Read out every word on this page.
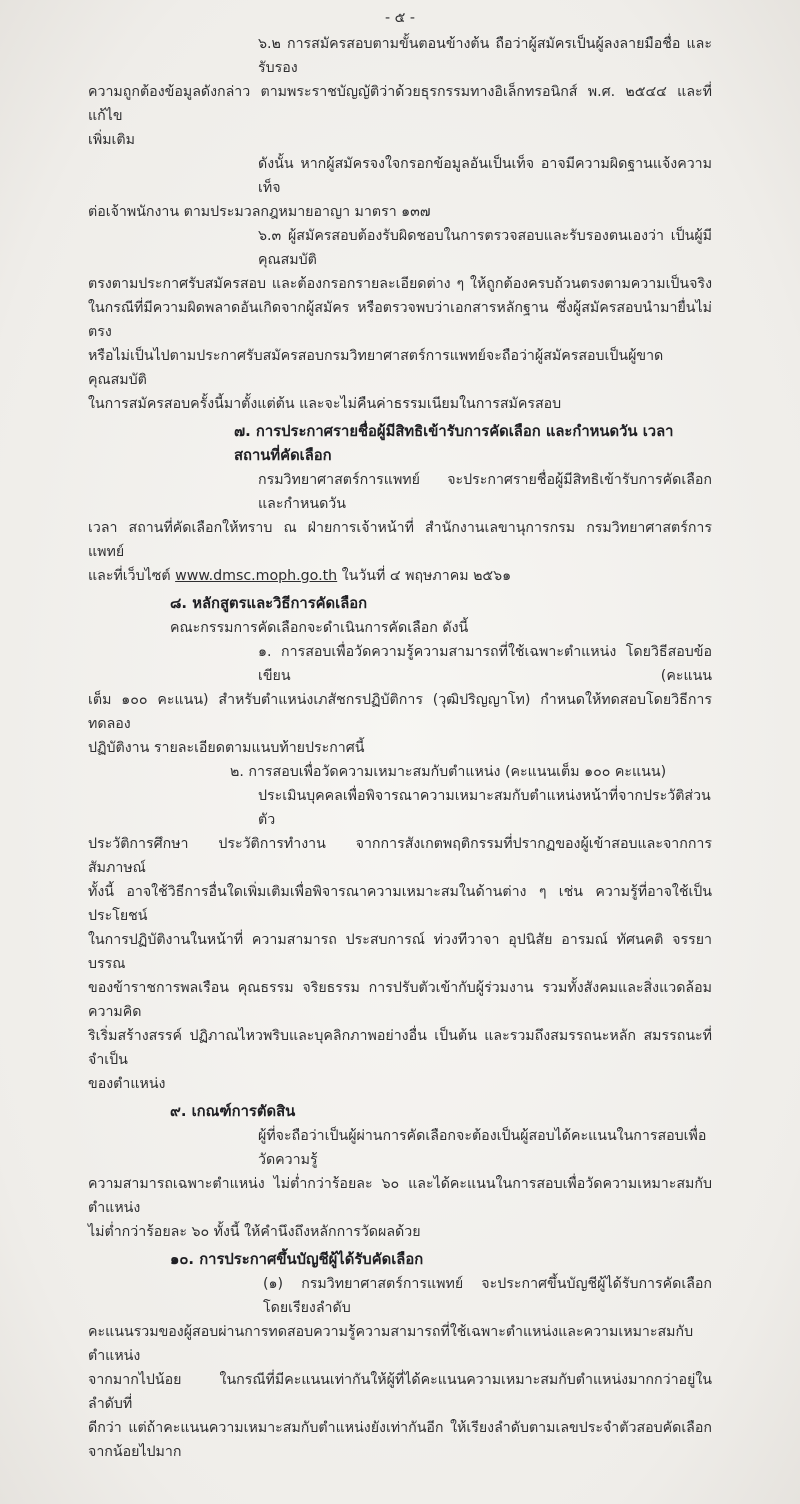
- ๕ -
๖.๒ การสมัครสอบตามขั้นตอนข้างต้น ถือว่าผู้สมัครเป็นผู้ลงลายมือชื่อ และรับรอง
ความถูกต้องข้อมูลดังกล่าว ตามพระราชบัญญัติว่าด้วยธุรกรรมทางอิเล็กทรอนิกส์ พ.ศ. ๒๕๔๔ และที่แก้ไข
เพิ่มเติม
ดังนั้น หากผู้สมัครจงใจกรอกข้อมูลอันเป็นเท็จ อาจมีความผิดฐานแจ้งความเท็จ
ต่อเจ้าพนักงาน ตามประมวลกฎหมายอาญา มาตรา ๑๓๗
๖.๓ ผู้สมัครสอบต้องรับผิดชอบในการตรวจสอบและรับรองตนเองว่า เป็นผู้มีคุณสมบัติ
ตรงตามประกาศรับสมัครสอบ และต้องกรอกรายละเอียดต่าง ๆ ให้ถูกต้องครบถ้วนตรงตามความเป็นจริง
ในกรณีที่มีความผิดพลาดอันเกิดจากผู้สมัคร หรือตรวจพบว่าเอกสารหลักฐาน ซึ่งผู้สมัครสอบนำมายื่นไม่ตรง
หรือไม่เป็นไปตามประกาศรับสมัครสอบกรมวิทยาศาสตร์การแพทย์จะถือว่าผู้สมัครสอบเป็นผู้ขาดคุณสมบัติ
ในการสมัครสอบครั้งนี้มาตั้งแต่ต้น และจะไม่คืนค่าธรรมเนียมในการสมัครสอบ
๗. การประกาศรายชื่อผู้มีสิทธิเข้ารับการคัดเลือก และกำหนดวัน เวลา สถานที่คัดเลือก
กรมวิทยาศาสตร์การแพทย์ จะประกาศรายชื่อผู้มีสิทธิเข้ารับการคัดเลือก และกำหนดวัน
เวลา สถานที่คัดเลือกให้ทราบ ณ ฝ่ายการเจ้าหน้าที่ สำนักงานเลขานุการกรม กรมวิทยาศาสตร์การแพทย์
และที่เว็บไซต์ www.dmsc.moph.go.th ในวันที่ ๔ พฤษภาคม ๒๕๖๑
๘. หลักสูตรและวิธีการคัดเลือก
คณะกรรมการคัดเลือกจะดำเนินการคัดเลือก ดังนี้
๑. การสอบเพื่อวัดความรู้ความสามารถที่ใช้เฉพาะตำแหน่ง โดยวิธีสอบข้อเขียน (คะแนน
เต็ม ๑๐๐ คะแนน) สำหรับตำแหน่งเภสัชกรปฏิบัติการ (วุฒิปริญญาโท) กำหนดให้ทดสอบโดยวิธีการทดลอง
ปฏิบัติงาน รายละเอียดตามแนบท้ายประกาศนี้
๒. การสอบเพื่อวัดความเหมาะสมกับตำแหน่ง (คะแนนเต็ม ๑๐๐ คะแนน)
ประเมินบุคคลเพื่อพิจารณาความเหมาะสมกับตำแหน่งหน้าที่จากประวัติส่วนตัว
ประวัติการศึกษา ประวัติการทำงาน จากการสังเกตพฤติกรรมที่ปรากฏของผู้เข้าสอบและจากการสัมภาษณ์
ทั้งนี้ อาจใช้วิธีการอื่นใดเพิ่มเติมเพื่อพิจารณาความเหมาะสมในด้านต่าง ๆ เช่น ความรู้ที่อาจใช้เป็นประโยชน์
ในการปฏิบัติงานในหน้าที่ ความสามารถ ประสบการณ์ ท่วงทีวาจา อุปนิสัย อารมณ์ ทัศนคติ จรรยาบรรณ
ของข้าราชการพลเรือน คุณธรรม จริยธรรม การปรับตัวเข้ากับผู้ร่วมงาน รวมทั้งสังคมและสิ่งแวดล้อม ความคิด
ริเริ่มสร้างสรรค์ ปฏิภาณไหวพริบและบุคลิกภาพอย่างอื่น เป็นต้น และรวมถึงสมรรถนะหลัก สมรรถนะที่จำเป็น
ของตำแหน่ง
๙. เกณฑ์การตัดสิน
ผู้ที่จะถือว่าเป็นผู้ผ่านการคัดเลือกจะต้องเป็นผู้สอบได้คะแนนในการสอบเพื่อวัดความรู้
ความสามารถเฉพาะตำแหน่ง ไม่ต่ำกว่าร้อยละ ๖๐ และได้คะแนนในการสอบเพื่อวัดความเหมาะสมกับตำแหน่ง
ไม่ต่ำกว่าร้อยละ ๖๐ ทั้งนี้ ให้คำนึงถึงหลักการวัดผลด้วย
๑๐. การประกาศขึ้นบัญชีผู้ได้รับคัดเลือก
(๑) กรมวิทยาศาสตร์การแพทย์ จะประกาศขึ้นบัญชีผู้ได้รับการคัดเลือก โดยเรียงลำดับ
คะแนนรวมของผู้สอบผ่านการทดสอบความรู้ความสามารถที่ใช้เฉพาะตำแหน่งและความเหมาะสมกับตำแหน่ง
จากมากไปน้อย ในกรณีที่มีคะแนนเท่ากันให้ผู้ที่ได้คะแนนความเหมาะสมกับตำแหน่งมากกว่าอยู่ในลำดับที่
ดีกว่า แต่ถ้าคะแนนความเหมาะสมกับตำแหน่งยังเท่ากันอีก ให้เรียงลำดับตามเลขประจำตัวสอบคัดเลือก
จากน้อยไปมาก
